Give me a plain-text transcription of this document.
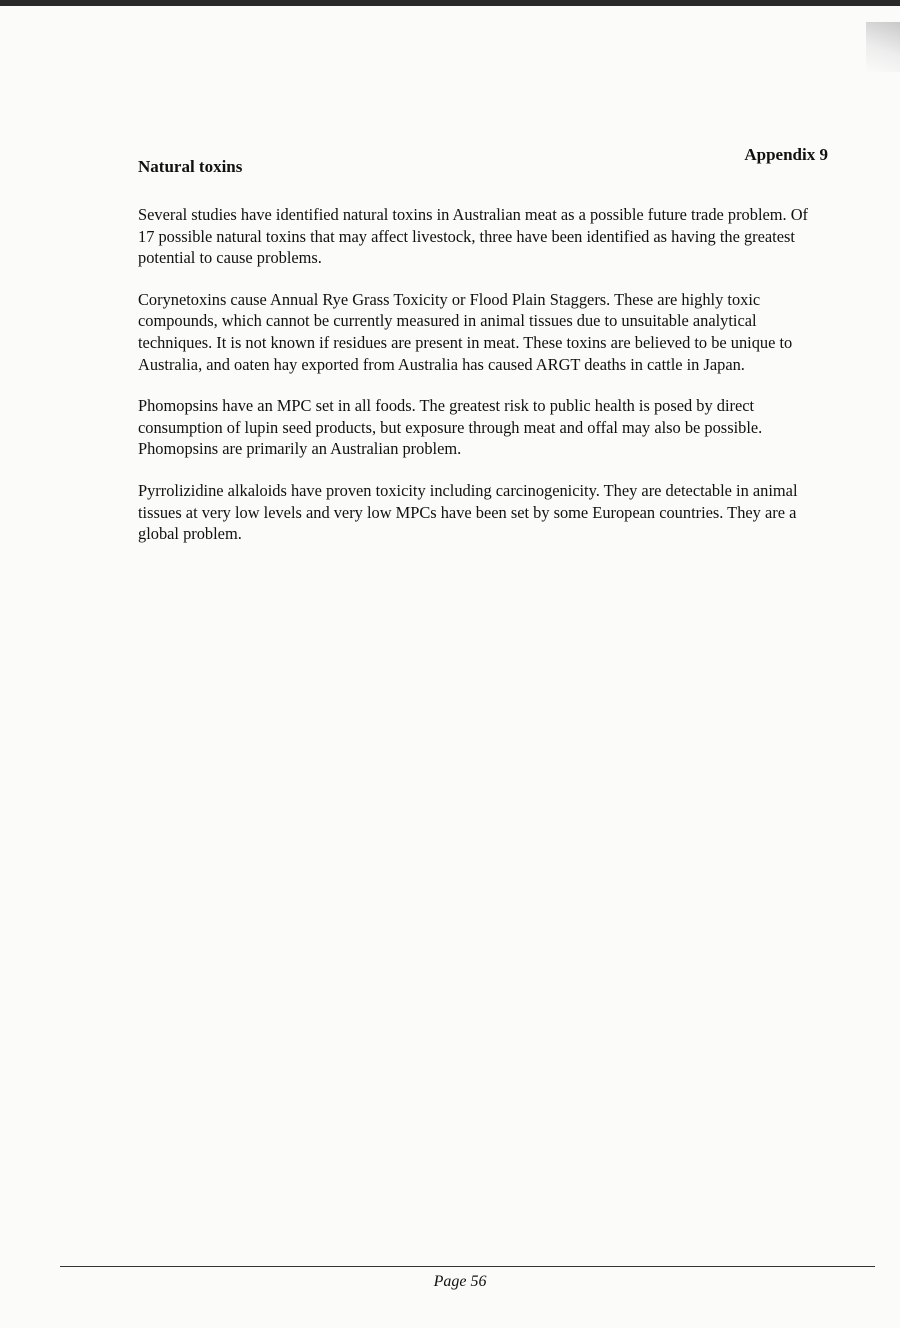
Appendix 9
Natural toxins

Several studies have identified natural toxins in Australian meat as a possible future trade problem. Of 17 possible natural toxins that may affect livestock, three have been identified as having the greatest potential to cause problems.

Corynetoxins cause Annual Rye Grass Toxicity or Flood Plain Staggers. These are highly toxic compounds, which cannot be currently measured in animal tissues due to unsuitable analytical techniques. It is not known if residues are present in meat. These toxins are believed to be unique to Australia, and oaten hay exported from Australia has caused ARGT deaths in cattle in Japan.

Phomopsins have an MPC set in all foods. The greatest risk to public health is posed by direct consumption of lupin seed products, but exposure through meat and offal may also be possible. Phomopsins are primarily an Australian problem.

Pyrrolizidine alkaloids have proven toxicity including carcinogenicity. They are detectable in animal tissues at very low levels and very low MPCs have been set by some European countries. They are a global problem.

Page 56
